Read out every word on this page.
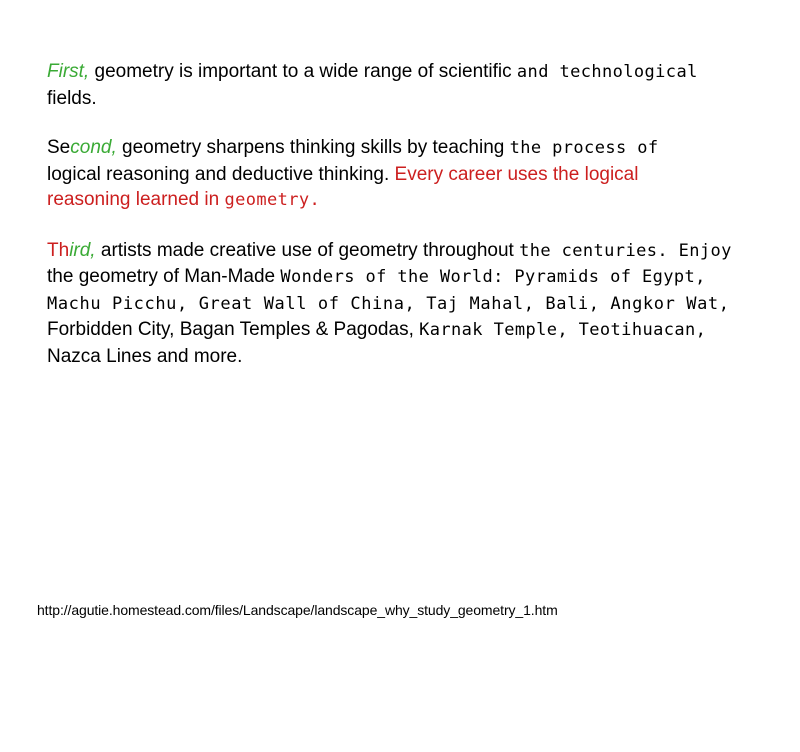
First, geometry is important to a wide range of scientific and technological
fields.

Second, geometry sharpens thinking skills by teaching the process of
logical reasoning and deductive thinking. Every career uses the logical
reasoning learned in geometry.

Third, artists made creative use of geometry throughout the centuries. Enjoy
the geometry of Man-Made Wonders of the World: Pyramids of Egypt,
Machu Picchu, Great Wall of China, Taj Mahal, Bali, Angkor Wat,
Forbidden City, Bagan Temples & Pagodas, Karnak Temple, Teotihuacan,
Nazca Lines and more.

http://agutie.homestead.com/files/Landscape/landscape_why_study_geometry_1.htm
